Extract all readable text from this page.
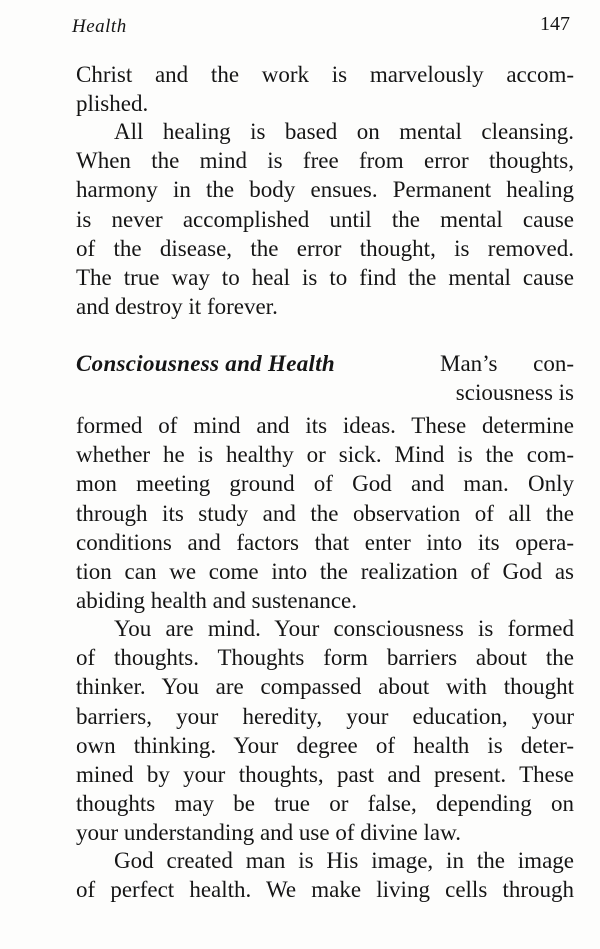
Health	147
Christ and the work is marvelously accom-
plished.
All healing is based on mental cleansing.
When the mind is free from error thoughts,
harmony in the body ensues. Permanent healing
is never accomplished until the mental cause
of the disease, the error thought, is removed.
The true way to heal is to find the mental cause
and destroy it forever.
Consciousness and Health	Man’s con-
sciousness is
formed of mind and its ideas. These determine
whether he is healthy or sick. Mind is the com-
mon meeting ground of God and man. Only
through its study and the observation of all the
conditions and factors that enter into its opera-
tion can we come into the realization of God as
abiding health and sustenance.
You are mind. Your consciousness is formed
of thoughts. Thoughts form barriers about the
thinker. You are compassed about with thought
barriers, your heredity, your education, your
own thinking. Your degree of health is deter-
mined by your thoughts, past and present. These
thoughts may be true or false, depending on
your understanding and use of divine law.
God created man is His image, in the image
of perfect health. We make living cells through
